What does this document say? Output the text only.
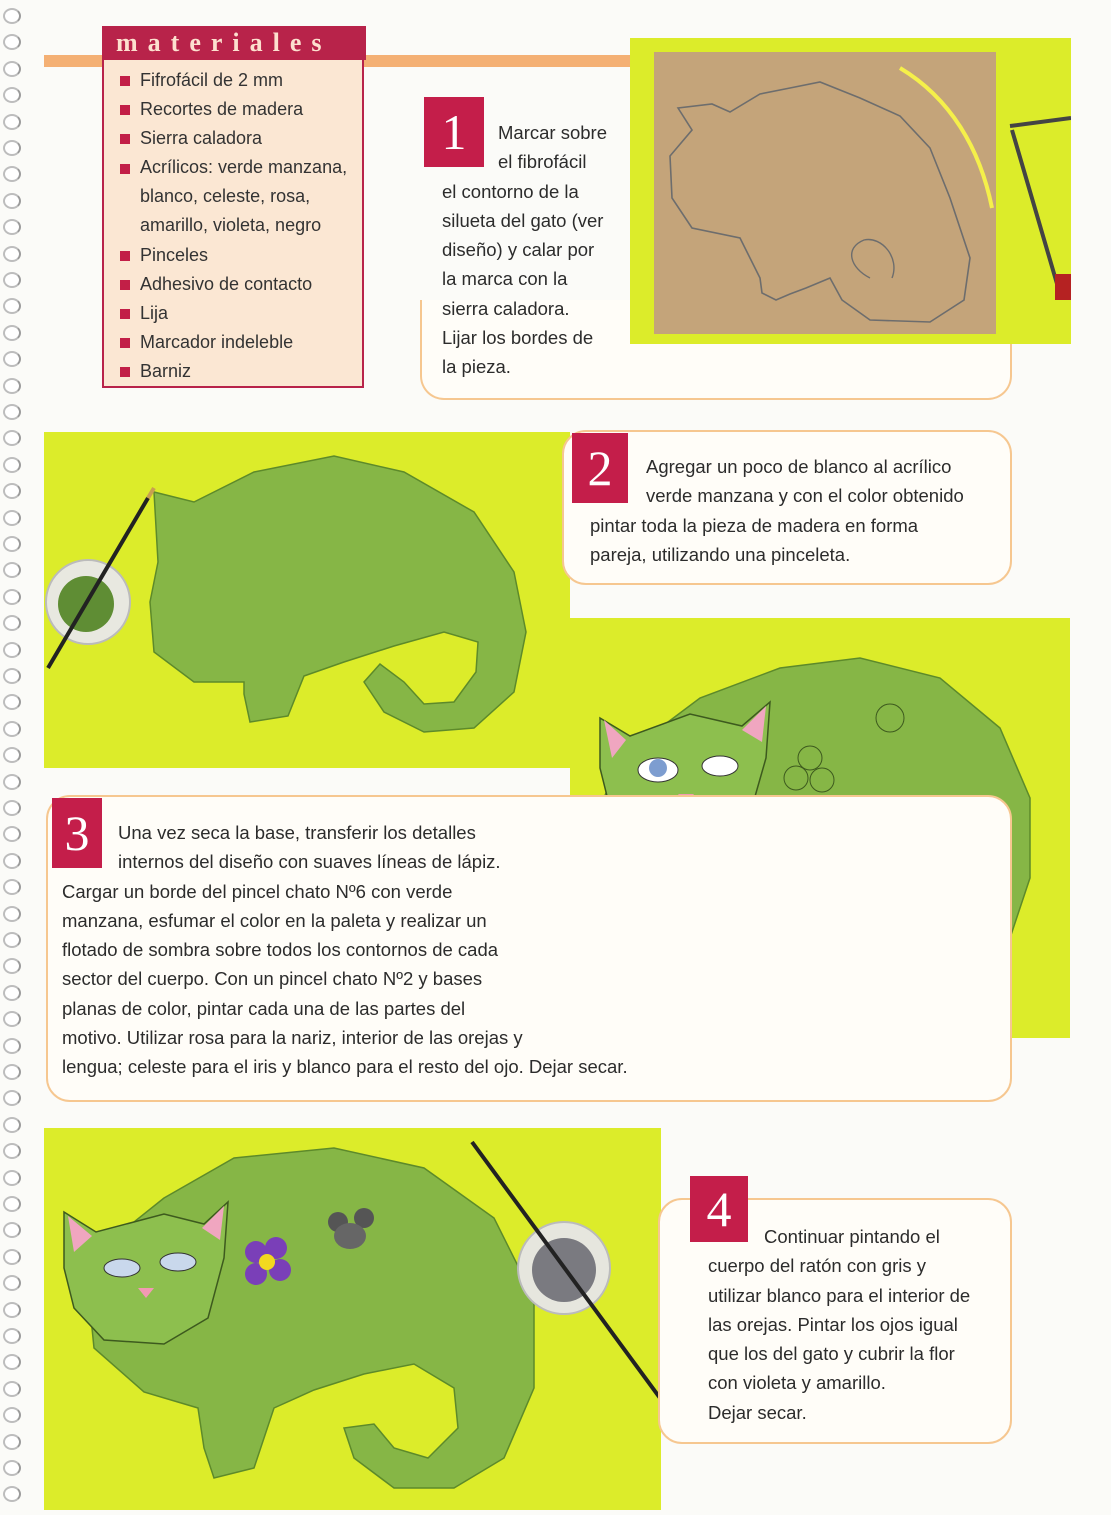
materiales
Fifrofácil de 2 mm
Recortes de madera
Sierra caladora
Acrílicos: verde manzana,
blanco, celeste, rosa,
amarillo, violeta, negro
Pinceles
Adhesivo de contacto
Lija
Marcador indeleble
Barniz
1	Marcar sobre
el fibrofácil
el contorno de la
silueta del gato (ver
diseño) y calar por
la marca con la
sierra caladora.
Lijar los bordes de
la pieza.
2	Agregar un poco de blanco al acrílico
verde manzana y con el color obtenido
pintar toda la pieza de madera en forma
pareja, utilizando una pinceleta.
3	Una vez seca la base, transferir los detalles
internos del diseño con suaves líneas de lápiz.
Cargar un borde del pincel chato Nº6 con verde
manzana, esfumar el color en la paleta y realizar un
flotado de sombra sobre todos los contornos de cada
sector del cuerpo. Con un pincel chato Nº2 y bases
planas de color, pintar cada una de las partes del
motivo. Utilizar rosa para la nariz, interior de las orejas y
lengua; celeste para el iris y blanco para el resto del ojo. Dejar secar.
4	Continuar pintando el
cuerpo del ratón con gris y
utilizar blanco para el interior de
las orejas. Pintar los ojos igual
que los del gato y cubrir la flor
con violeta y amarillo.
Dejar secar.
